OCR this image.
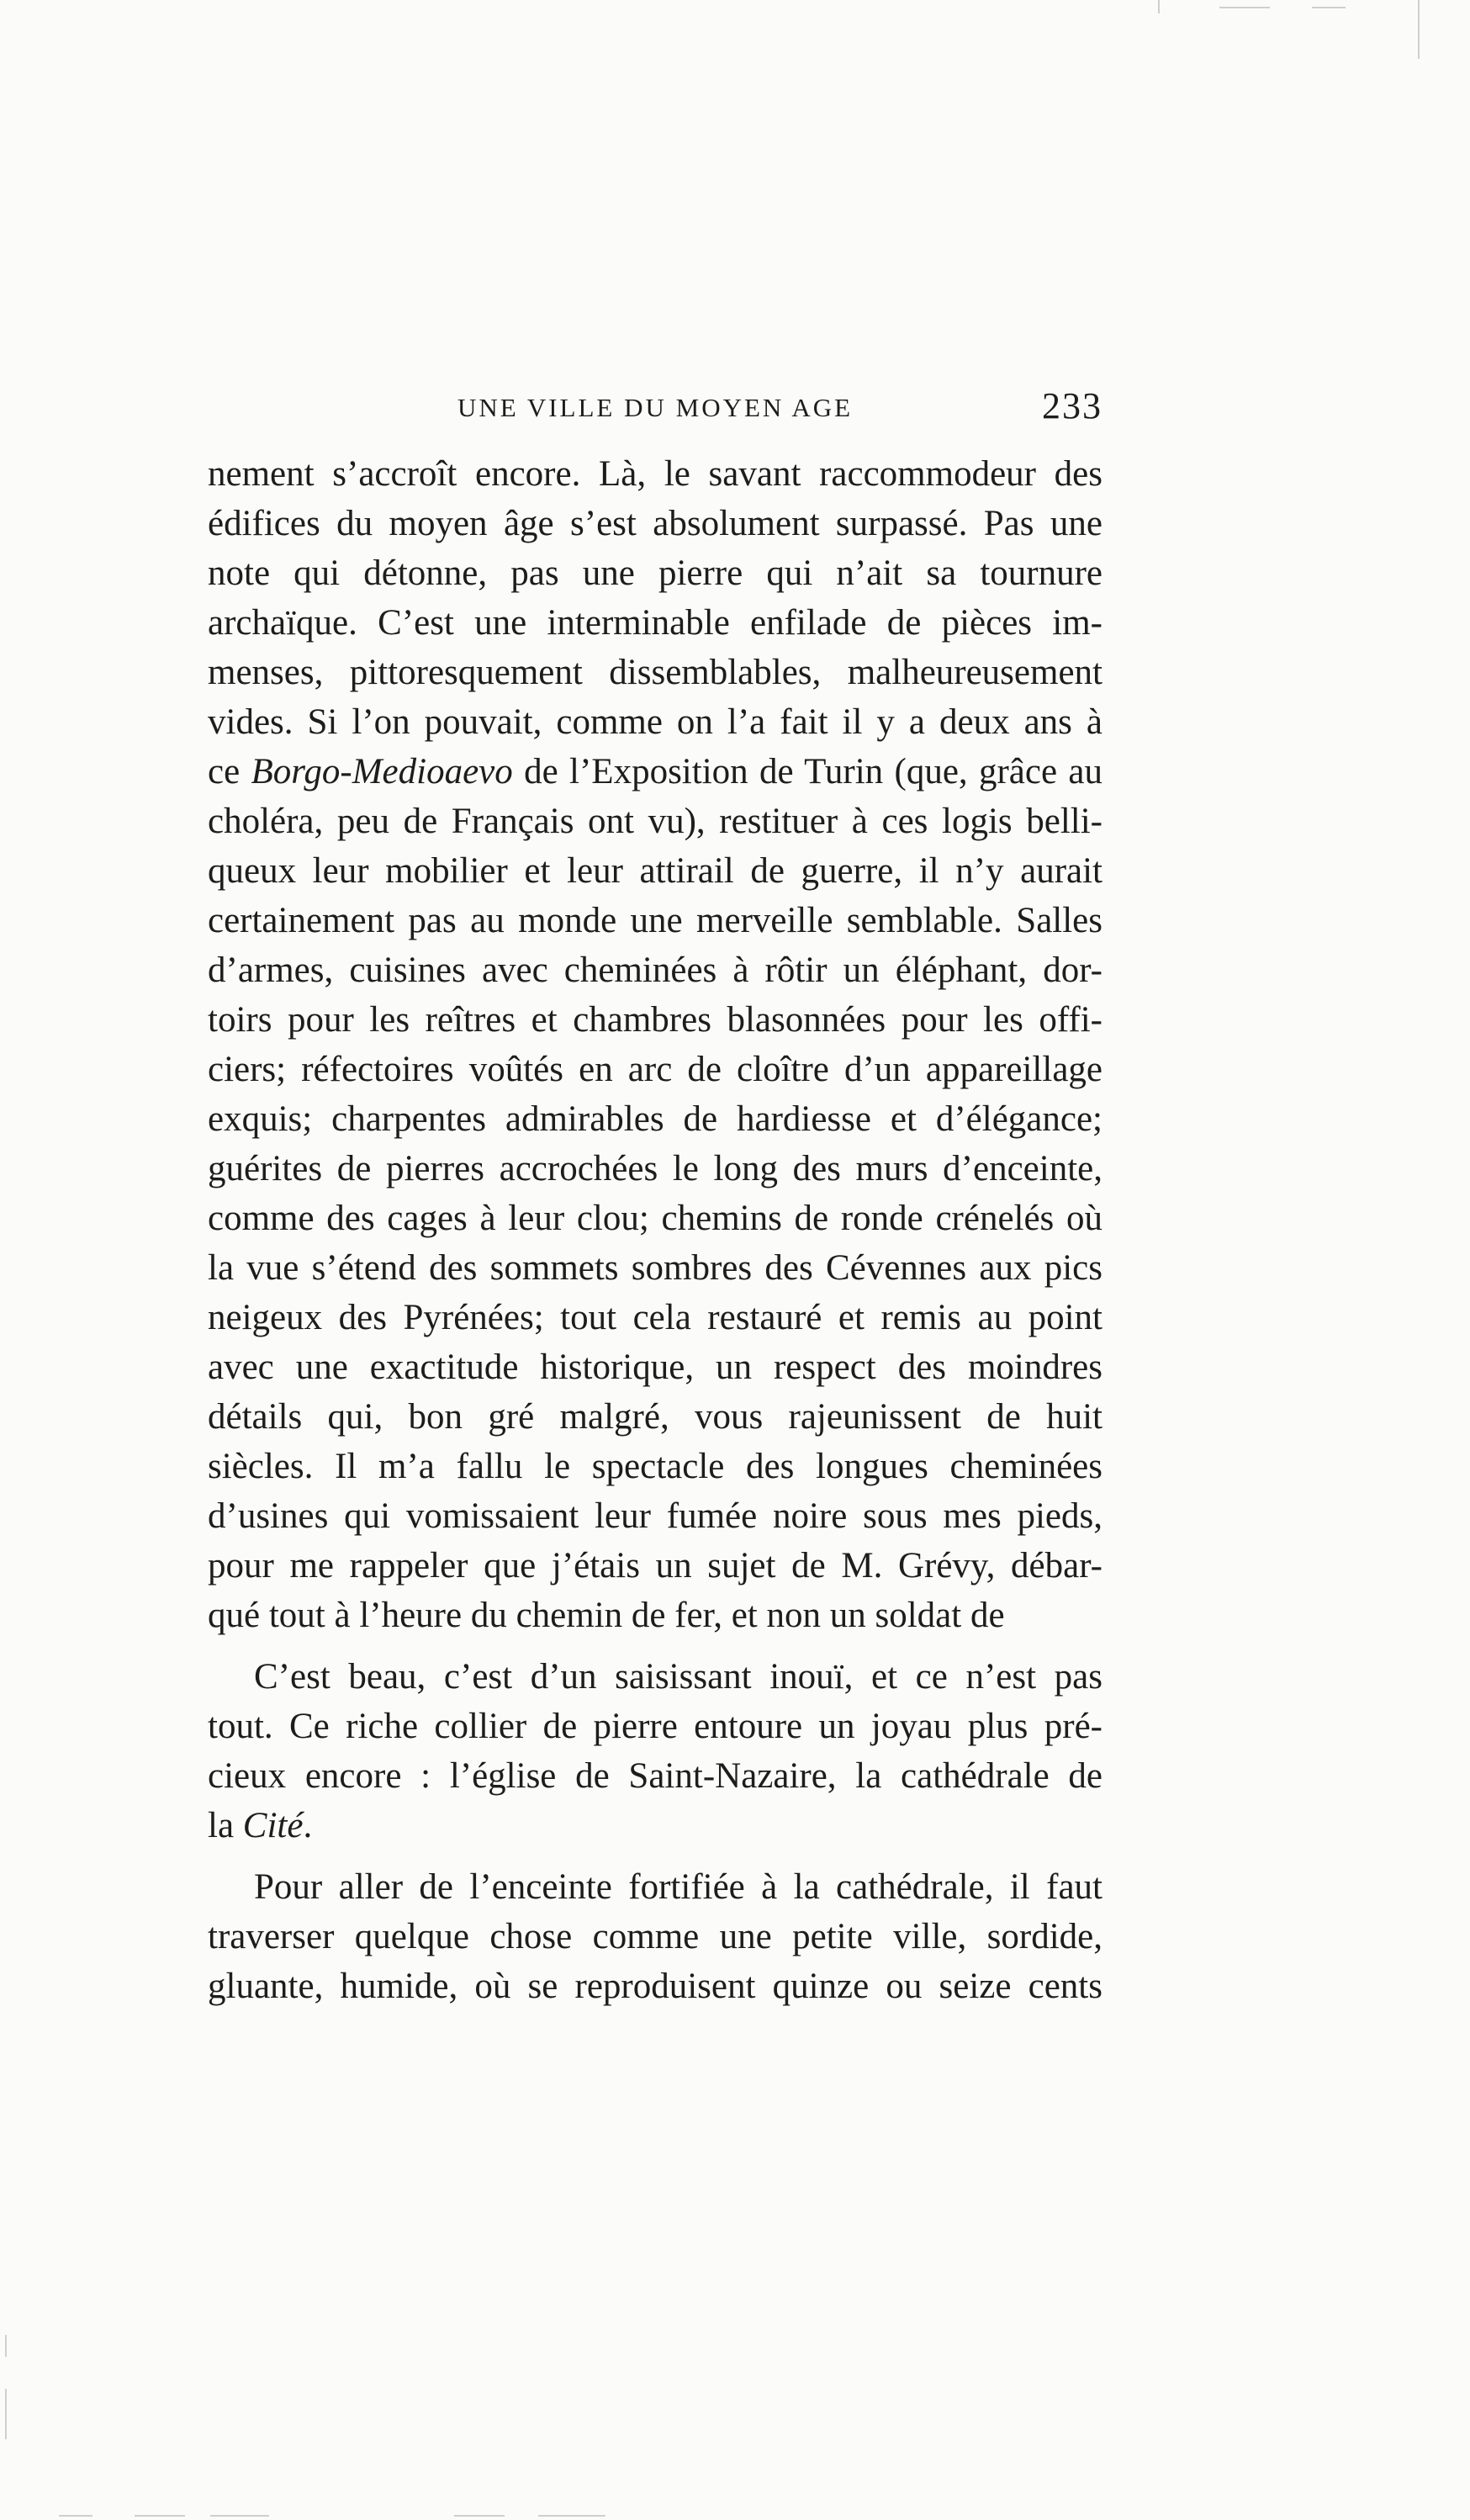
UNE VILLE DU MOYEN AGE	233
nement s’accroît encore. Là, le savant raccommodeur des
édifices du moyen âge s’est absolument surpassé. Pas une
note qui détonne, pas une pierre qui n’ait sa tournure
archaïque. C’est une interminable enfilade de pièces im-
menses, pittoresquement dissemblables, malheureusement
vides. Si l’on pouvait, comme on l’a fait il y a deux ans à
ce Borgo-Medioaevo de l’Exposition de Turin (que, grâce au
choléra, peu de Français ont vu), restituer à ces logis belli-
queux leur mobilier et leur attirail de guerre, il n’y aurait
certainement pas au monde une merveille semblable. Salles
d’armes, cuisines avec cheminées à rôtir un éléphant, dor-
toirs pour les reîtres et chambres blasonnées pour les offi-
ciers; réfectoires voûtés en arc de cloître d’un appareillage
exquis; charpentes admirables de hardiesse et d’élégance;
guérites de pierres accrochées le long des murs d’enceinte,
comme des cages à leur clou; chemins de ronde crénelés où
la vue s’étend des sommets sombres des Cévennes aux pics
neigeux des Pyrénées; tout cela restauré et remis au point
avec une exactitude historique, un respect des moindres
détails qui, bon gré malgré, vous rajeunissent de huit
siècles. Il m’a fallu le spectacle des longues cheminées
d’usines qui vomissaient leur fumée noire sous mes pieds,
pour me rappeler que j’étais un sujet de M. Grévy, débar-
qué tout à l’heure du chemin de fer, et non un soldat de
C’est beau, c’est d’un saisissant inouï, et ce n’est pas
tout. Ce riche collier de pierre entoure un joyau plus pré-
cieux encore : l’église de Saint-Nazaire, la cathédrale de
la Cité.
Pour aller de l’enceinte fortifiée à la cathédrale, il faut
traverser quelque chose comme une petite ville, sordide,
gluante, humide, où se reproduisent quinze ou seize cents
